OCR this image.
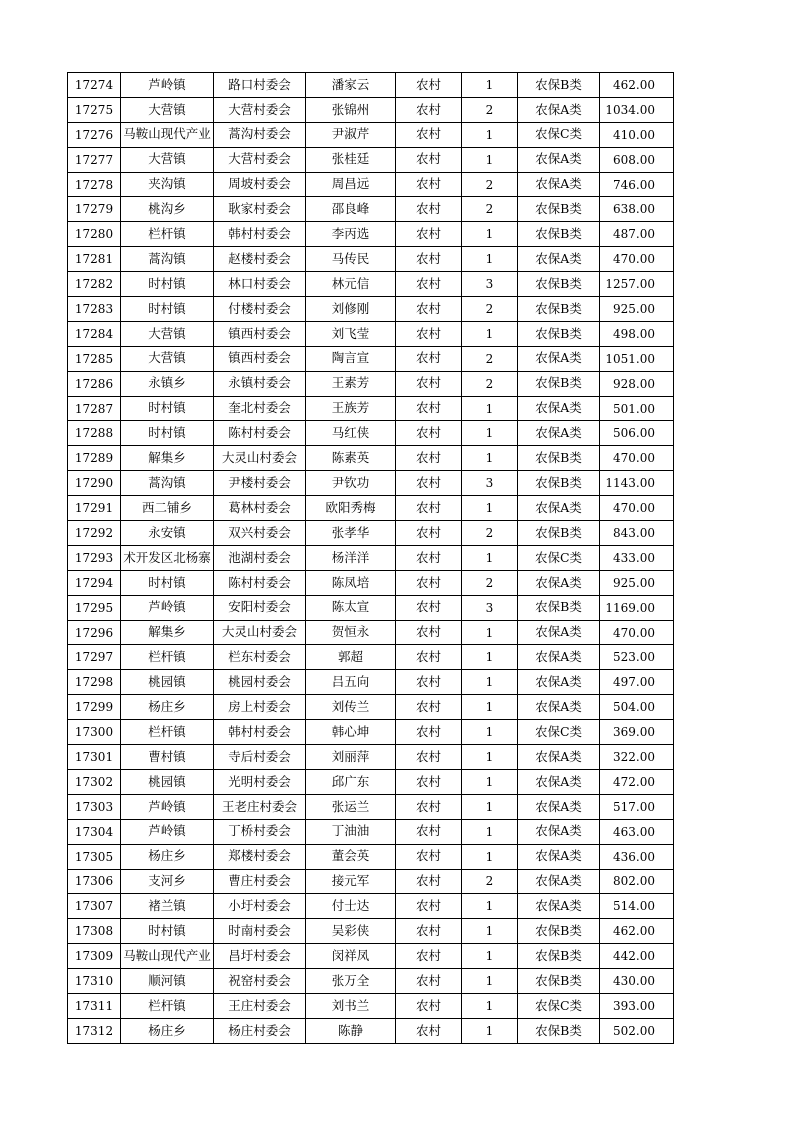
17274	芦岭镇	路口村委会	潘家云	农村	1	农保B类	462.00
17275	大营镇	大营村委会	张锦州	农村	2	农保A类	1034.00
17276	马鞍山现代产业	蒿沟村委会	尹淑芹	农村	1	农保C类	410.00
17277	大营镇	大营村委会	张桂廷	农村	1	农保A类	608.00
17278	夹沟镇	周坡村委会	周昌远	农村	2	农保A类	746.00
17279	桃沟乡	耿家村委会	邵良峰	农村	2	农保B类	638.00
17280	栏杆镇	韩村村委会	李丙选	农村	1	农保B类	487.00
17281	蒿沟镇	赵楼村委会	马传民	农村	1	农保A类	470.00
17282	时村镇	林口村委会	林元信	农村	3	农保B类	1257.00
17283	时村镇	付楼村委会	刘修刚	农村	2	农保B类	925.00
17284	大营镇	镇西村委会	刘飞莹	农村	1	农保B类	498.00
17285	大营镇	镇西村委会	陶言宣	农村	2	农保A类	1051.00
17286	永镇乡	永镇村委会	王素芳	农村	2	农保B类	928.00
17287	时村镇	奎北村委会	王族芳	农村	1	农保A类	501.00
17288	时村镇	陈村村委会	马红侠	农村	1	农保A类	506.00
17289	解集乡	大灵山村委会	陈素英	农村	1	农保B类	470.00
17290	蒿沟镇	尹楼村委会	尹钦功	农村	3	农保B类	1143.00
17291	西二铺乡	葛林村委会	欧阳秀梅	农村	1	农保A类	470.00
17292	永安镇	双兴村委会	张孝华	农村	2	农保B类	843.00
17293	术开发区北杨寨	池湖村委会	杨洋洋	农村	1	农保C类	433.00
17294	时村镇	陈村村委会	陈凤培	农村	2	农保A类	925.00
17295	芦岭镇	安阳村委会	陈太宣	农村	3	农保B类	1169.00
17296	解集乡	大灵山村委会	贺恒永	农村	1	农保A类	470.00
17297	栏杆镇	栏东村委会	郭超	农村	1	农保A类	523.00
17298	桃园镇	桃园村委会	吕五向	农村	1	农保A类	497.00
17299	杨庄乡	房上村委会	刘传兰	农村	1	农保A类	504.00
17300	栏杆镇	韩村村委会	韩心坤	农村	1	农保C类	369.00
17301	曹村镇	寺后村委会	刘丽萍	农村	1	农保A类	322.00
17302	桃园镇	光明村委会	邱广东	农村	1	农保A类	472.00
17303	芦岭镇	王老庄村委会	张运兰	农村	1	农保A类	517.00
17304	芦岭镇	丁桥村委会	丁油油	农村	1	农保A类	463.00
17305	杨庄乡	郑楼村委会	董会英	农村	1	农保A类	436.00
17306	支河乡	曹庄村委会	接元军	农村	2	农保A类	802.00
17307	褚兰镇	小圩村委会	付士达	农村	1	农保A类	514.00
17308	时村镇	时南村委会	吴彩侠	农村	1	农保B类	462.00
17309	马鞍山现代产业	昌圩村委会	闵祥凤	农村	1	农保B类	442.00
17310	顺河镇	祝窑村委会	张万全	农村	1	农保B类	430.00
17311	栏杆镇	王庄村委会	刘书兰	农村	1	农保C类	393.00
17312	杨庄乡	杨庄村委会	陈静	农村	1	农保B类	502.00
